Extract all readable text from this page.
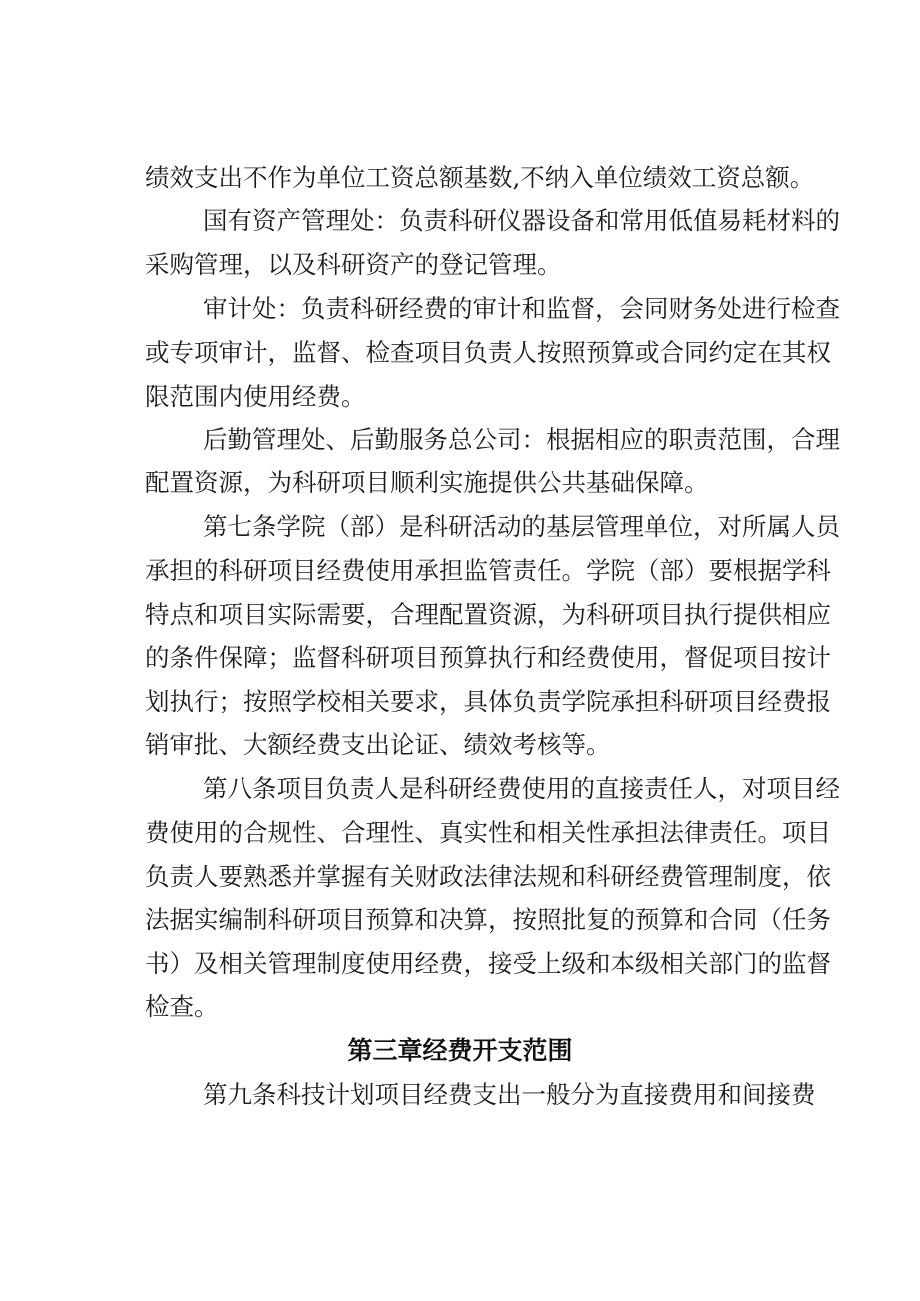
绩效支出不作为单位工资总额基数,不纳入单位绩效工资总额。
国有资产管理处：负责科研仪器设备和常用低值易耗材料的
采购管理，以及科研资产的登记管理。
审计处：负责科研经费的审计和监督，会同财务处进行检查
或专项审计，监督、检查项目负责人按照预算或合同约定在其权
限范围内使用经费。
后勤管理处、后勤服务总公司：根据相应的职责范围，合理
配置资源，为科研项目顺利实施提供公共基础保障。
第七条学院（部）是科研活动的基层管理单位，对所属人员
承担的科研项目经费使用承担监管责任。学院（部）要根据学科
特点和项目实际需要，合理配置资源，为科研项目执行提供相应
的条件保障；监督科研项目预算执行和经费使用，督促项目按计
划执行；按照学校相关要求，具体负责学院承担科研项目经费报
销审批、大额经费支出论证、绩效考核等。
第八条项目负责人是科研经费使用的直接责任人，对项目经
费使用的合规性、合理性、真实性和相关性承担法律责任。项目
负责人要熟悉并掌握有关财政法律法规和科研经费管理制度，依
法据实编制科研项目预算和决算，按照批复的预算和合同（任务
书）及相关管理制度使用经费，接受上级和本级相关部门的监督
检查。
第三章经费开支范围
第九条科技计划项目经费支出一般分为直接费用和间接费
